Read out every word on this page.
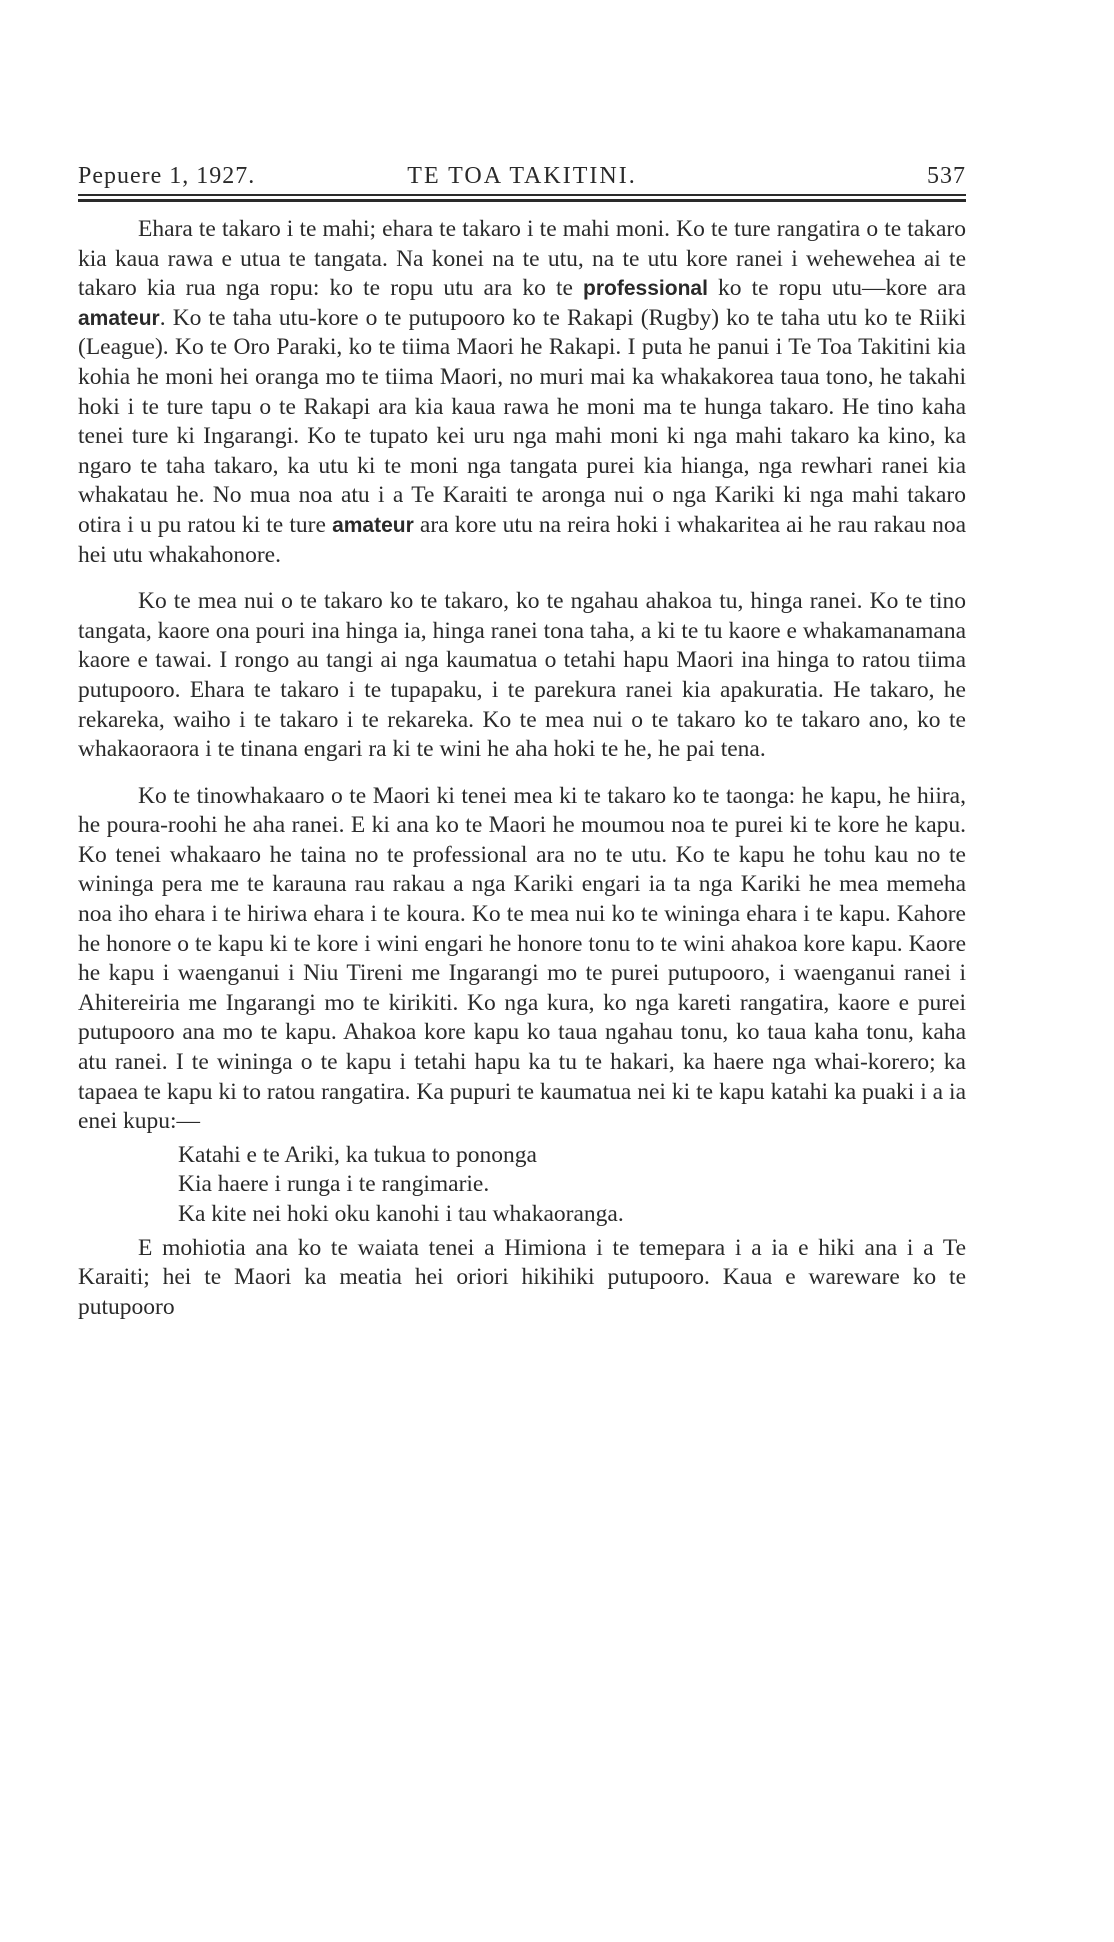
Pepuere 1, 1927.	TE TOA TAKITINI.	537

Ehara te takaro i te mahi; ehara te takaro i te mahi moni. Ko te ture rangatira o te takaro kia kaua rawa e utua te tangata. Na konei na te utu, na te utu kore ranei i wehewehea ai te takaro kia rua nga ropu: ko te ropu utu ara ko te professional ko te ropu utu—kore ara amateur. Ko te taha utu-kore o te putupooro ko te Rakapi (Rugby) ko te taha utu ko te Riiki (League). Ko te Oro Paraki, ko te tiima Maori he Rakapi. I puta he panui i Te Toa Takitini kia kohia he moni hei oranga mo te tiima Maori, no muri mai ka whakakorea taua tono, he takahi hoki i te ture tapu o te Rakapi ara kia kaua rawa he moni ma te hunga takaro. He tino kaha tenei ture ki Ingarangi. Ko te tupato kei uru nga mahi moni ki nga mahi takaro ka kino, ka ngaro te taha takaro, ka utu ki te moni nga tangata purei kia hianga, nga rewhari ranei kia whakatau he. No mua noa atu i a Te Karaiti te aronga nui o nga Kariki ki nga mahi takaro otira i u pu ratou ki te ture amateur ara kore utu na reira hoki i whakaritea ai he rau rakau noa hei utu whakahonore.

Ko te mea nui o te takaro ko te takaro, ko te ngahau ahakoa tu, hinga ranei. Ko te tino tangata, kaore ona pouri ina hinga ia, hinga ranei tona taha, a ki te tu kaore e whakamanamana kaore e tawai. I rongo au tangi ai nga kaumatua o tetahi hapu Maori ina hinga to ratou tiima putupooro. Ehara te takaro i te tupapaku, i te parekura ranei kia apakuratia. He takaro, he rekareka, waiho i te takaro i te rekareka. Ko te mea nui o te takaro ko te takaro ano, ko te whakaoraora i te tinana engari ra ki te wini he aha hoki te he, he pai tena.

Ko te tinowhakaaro o te Maori ki tenei mea ki te takaro ko te taonga: he kapu, he hiira, he poura-roohi he aha ranei. E ki ana ko te Maori he moumou noa te purei ki te kore he kapu. Ko tenei whakaaro he taina no te professional ara no te utu. Ko te kapu he tohu kau no te wininga pera me te karauna rau rakau a nga Kariki engari ia ta nga Kariki he mea memeha noa iho ehara i te hiriwa ehara i te koura. Ko te mea nui ko te wininga ehara i te kapu. Kahore he honore o te kapu ki te kore i wini engari he honore tonu to te wini ahakoa kore kapu. Kaore he kapu i waenganui i Niu Tireni me Ingarangi mo te purei putupooro, i waenganui ranei i Ahitereiria me Ingarangi mo te kirikiti. Ko nga kura, ko nga kareti rangatira, kaore e purei putupooro ana mo te kapu. Ahakoa kore kapu ko taua ngahau tonu, ko taua kaha tonu, kaha atu ranei. I te wininga o te kapu i tetahi hapu ka tu te hakari, ka haere nga whai-korero; ka tapaea te kapu ki to ratou rangatira. Ka pupuri te kaumatua nei ki te kapu katahi ka puaki i a ia enei kupu:—

Katahi e te Ariki, ka tukua to pononga
Kia haere i runga i te rangimarie.
Ka kite nei hoki oku kanohi i tau whakaoranga.

E mohiotia ana ko te waiata tenei a Himiona i te temepara i a ia e hiki ana i a Te Karaiti; hei te Maori ka meatia hei oriori hikihiki putupooro. Kaua e wareware ko te putupooro
